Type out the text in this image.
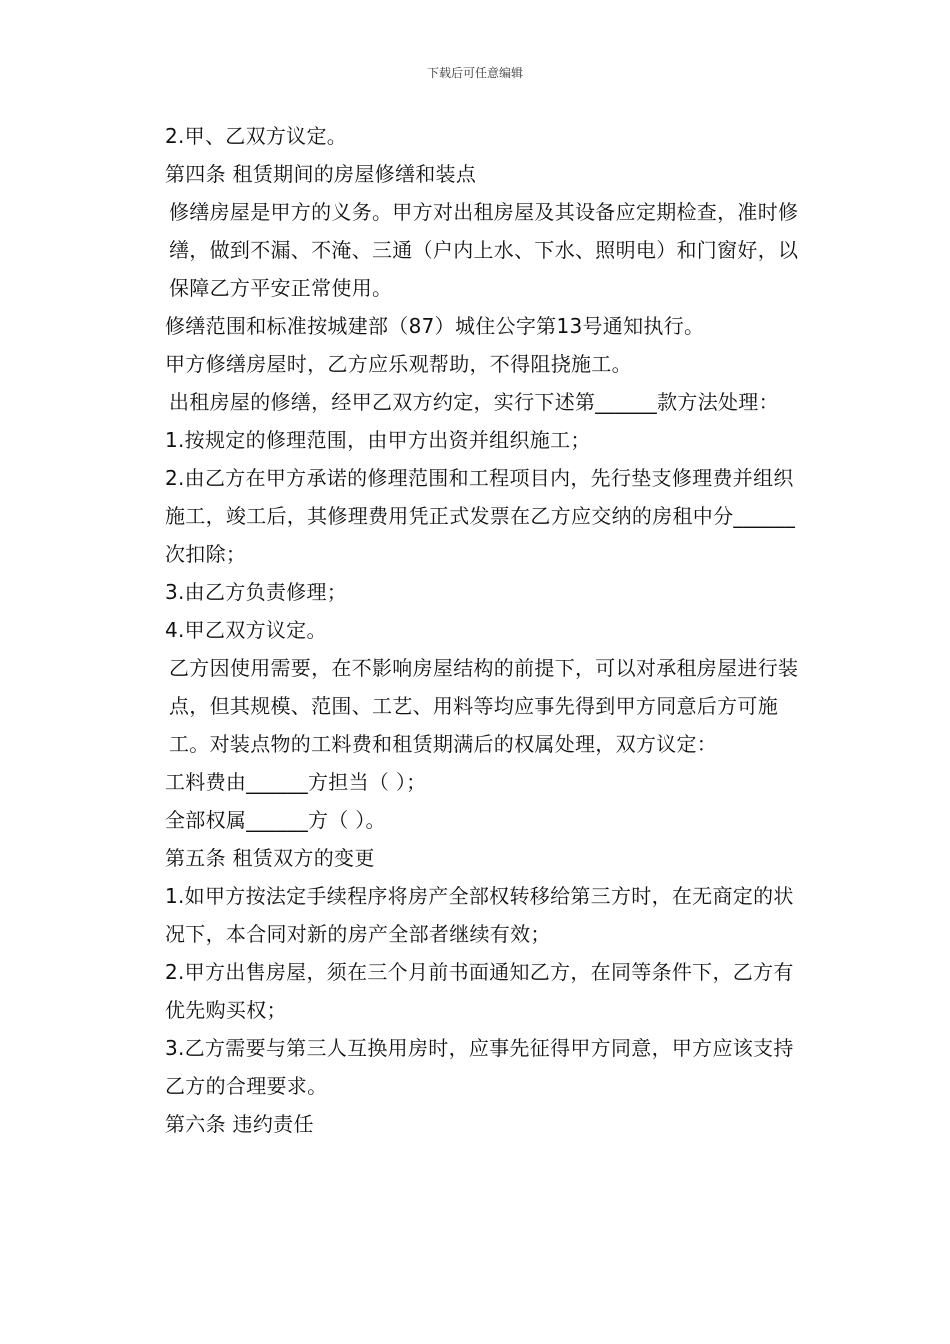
下载后可任意编辑

2.甲、乙双方议定。

第四条 租赁期间的房屋修缮和装点

修缮房屋是甲方的义务。甲方对出租房屋及其设备应定期检查，准时修缮，做到不漏、不淹、三通（户内上水、下水、照明电）和门窗好，以保障乙方平安正常使用。

修缮范围和标准按城建部（87）城住公字第13号通知执行。

甲方修缮房屋时，乙方应乐观帮助，不得阻挠施工。

出租房屋的修缮，经甲乙双方约定，实行下述第______款方法处理：

1.按规定的修理范围，由甲方出资并组织施工；

2.由乙方在甲方承诺的修理范围和工程项目内，先行垫支修理费并组织施工，竣工后，其修理费用凭正式发票在乙方应交纳的房租中分______次扣除；

3.由乙方负责修理；

4.甲乙双方议定。

乙方因使用需要，在不影响房屋结构的前提下，可以对承租房屋进行装点，但其规模、范围、工艺、用料等均应事先得到甲方同意后方可施工。对装点物的工料费和租赁期满后的权属处理，双方议定：

工料费由______方担当（ ）；

全部权属______方（ ）。

第五条 租赁双方的变更

1.如甲方按法定手续程序将房产全部权转移给第三方时，在无商定的状况下，本合同对新的房产全部者继续有效；

2.甲方出售房屋，须在三个月前书面通知乙方，在同等条件下，乙方有优先购买权；

3.乙方需要与第三人互换用房时，应事先征得甲方同意，甲方应该支持乙方的合理要求。

第六条 违约责任
